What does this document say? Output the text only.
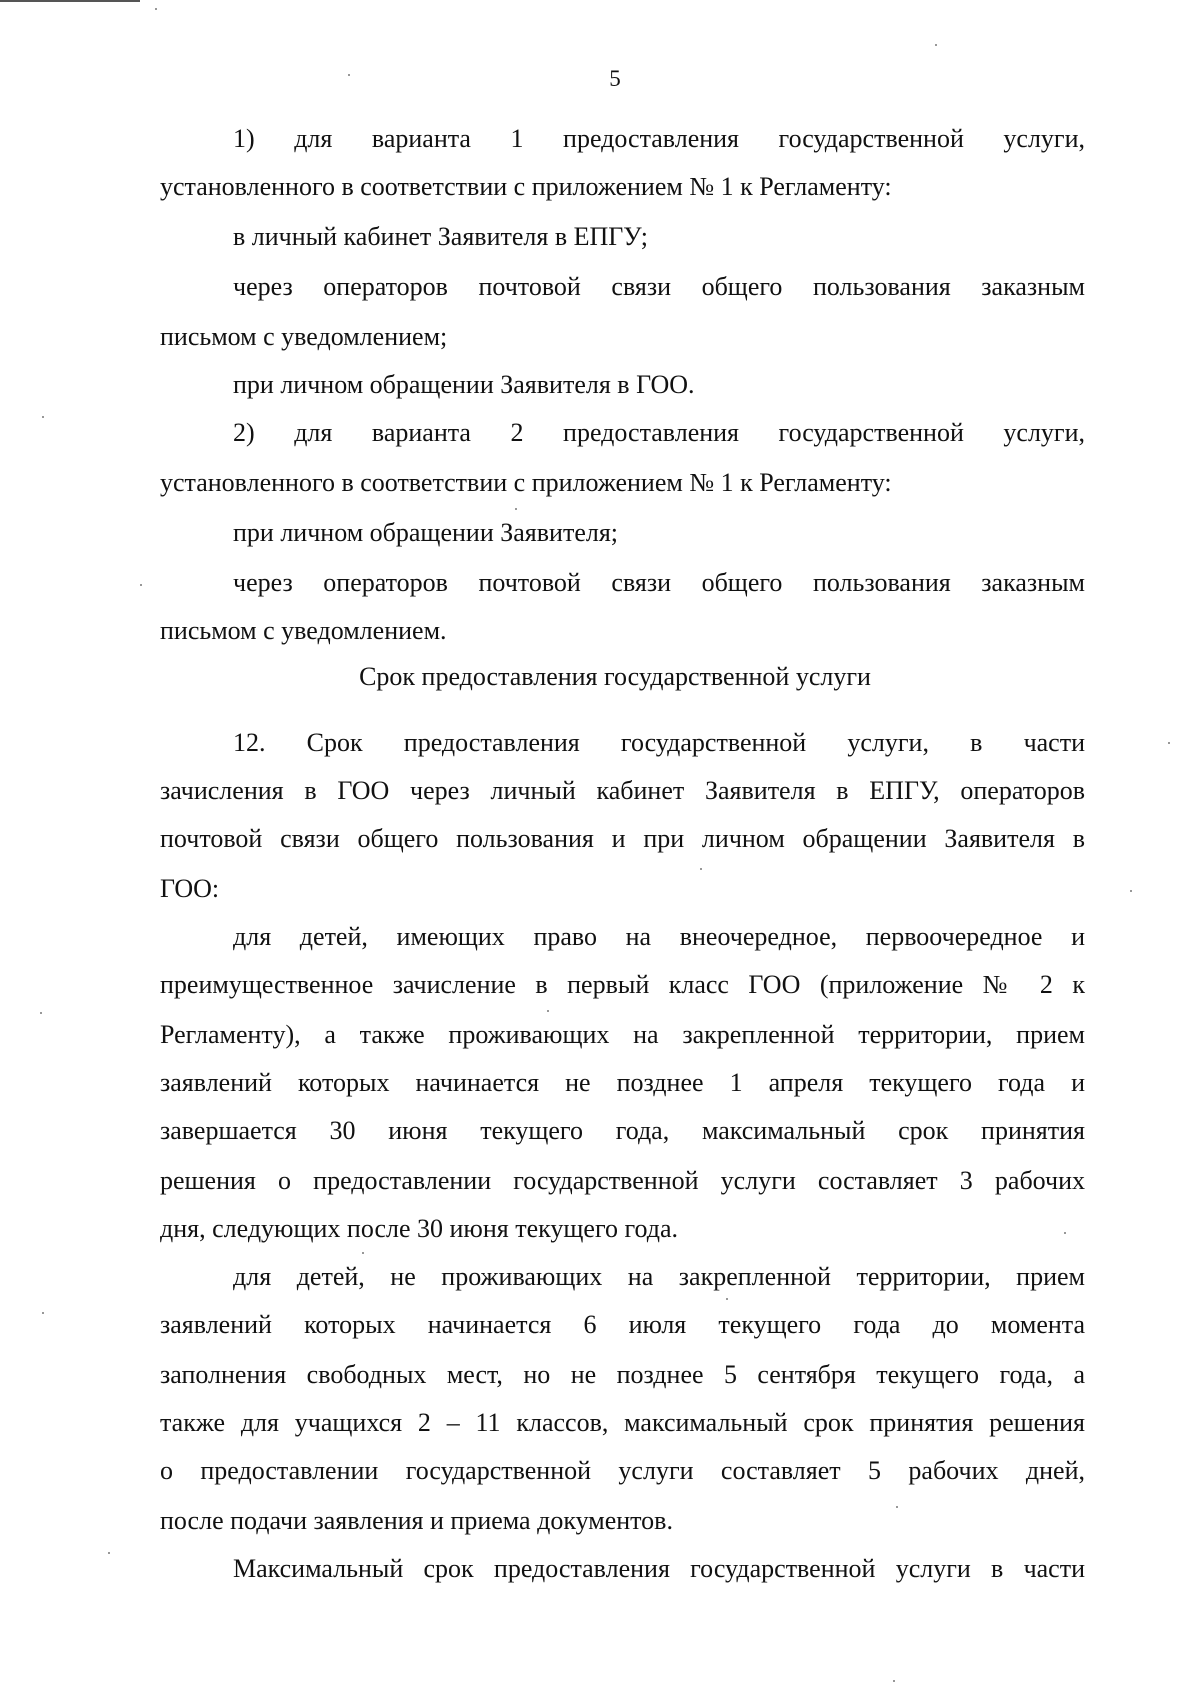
5
1) для варианта 1 предоставления государственной услуги,
установленного в соответствии с приложением № 1 к Регламенту:
в личный кабинет Заявителя в ЕПГУ;
через операторов почтовой связи общего пользования заказным
письмом с уведомлением;
при личном обращении Заявителя в ГОО.
2) для варианта 2 предоставления государственной услуги,
установленного в соответствии с приложением № 1 к Регламенту:
при личном обращении Заявителя;
через операторов почтовой связи общего пользования заказным
письмом с уведомлением.
Срок предоставления государственной услуги
12. Срок предоставления государственной услуги, в части
зачисления в ГОО через личный кабинет Заявителя в ЕПГУ, операторов
почтовой связи общего пользования и при личном обращении Заявителя в
ГОО:
для детей, имеющих право на внеочередное, первоочередное и
преимущественное зачисление в первый класс ГОО (приложение № 2 к
Регламенту), а также проживающих на закрепленной территории, прием
заявлений которых начинается не позднее 1 апреля текущего года и
завершается 30 июня текущего года, максимальный срок принятия
решения о предоставлении государственной услуги составляет 3 рабочих
дня, следующих после 30 июня текущего года.
для детей, не проживающих на закрепленной территории, прием
заявлений которых начинается 6 июля текущего года до момента
заполнения свободных мест, но не позднее 5 сентября текущего года, а
также для учащихся 2 – 11 классов, максимальный срок принятия решения
о предоставлении государственной услуги составляет 5 рабочих дней,
после подачи заявления и приема документов.
Максимальный срок предоставления государственной услуги в части
